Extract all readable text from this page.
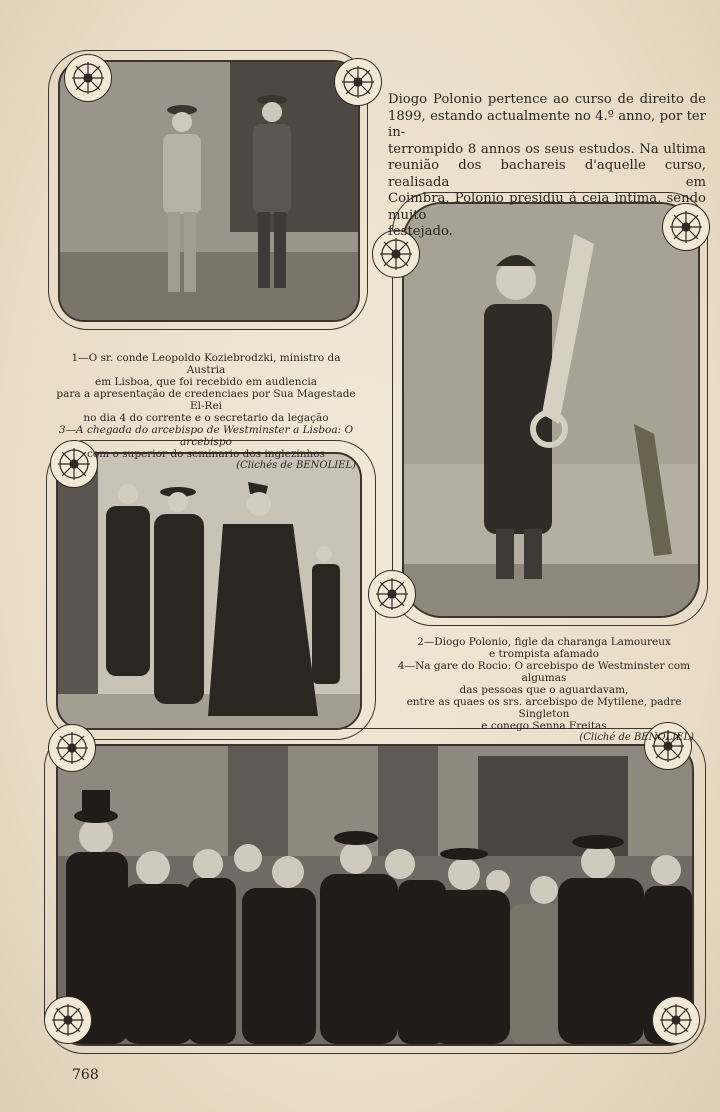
Diogo Polonio pertence ao curso de direito de
1899, estando actualmente no 4.º anno, por ter in-
terrompido 8 annos os seus estudos. Na ultima
reunião dos bachareis d'aquelle curso, realisada em
Coimbra, Polonio presidiu á ceia intima, sendo muito
festejado.
1—O sr. conde Leopoldo Koziebrodzki, ministro da Austria
em Lisboa, que foi recebido em audiencia
para a apresentação de credenciaes por Sua Magestade El-Rei
no dia 4 do corrente e o secretario da legação
3—A chegada do arcebispo de Westminster a Lisboa: O arcebispo
com o superior do seminario dos inglezinhos
(Clichés de BENOLIEL)
2—Diogo Polonio, figle da charanga Lamoureux
e trompista afamado
4—Na gare do Rocio: O arcebispo de Westminster com algumas
das pessoas que o aguardavam,
entre as quaes os srs. arcebispo de Mytilene, padre Singleton
e conego Senna Freitas
(Cliché de BENOLIEL)
768
